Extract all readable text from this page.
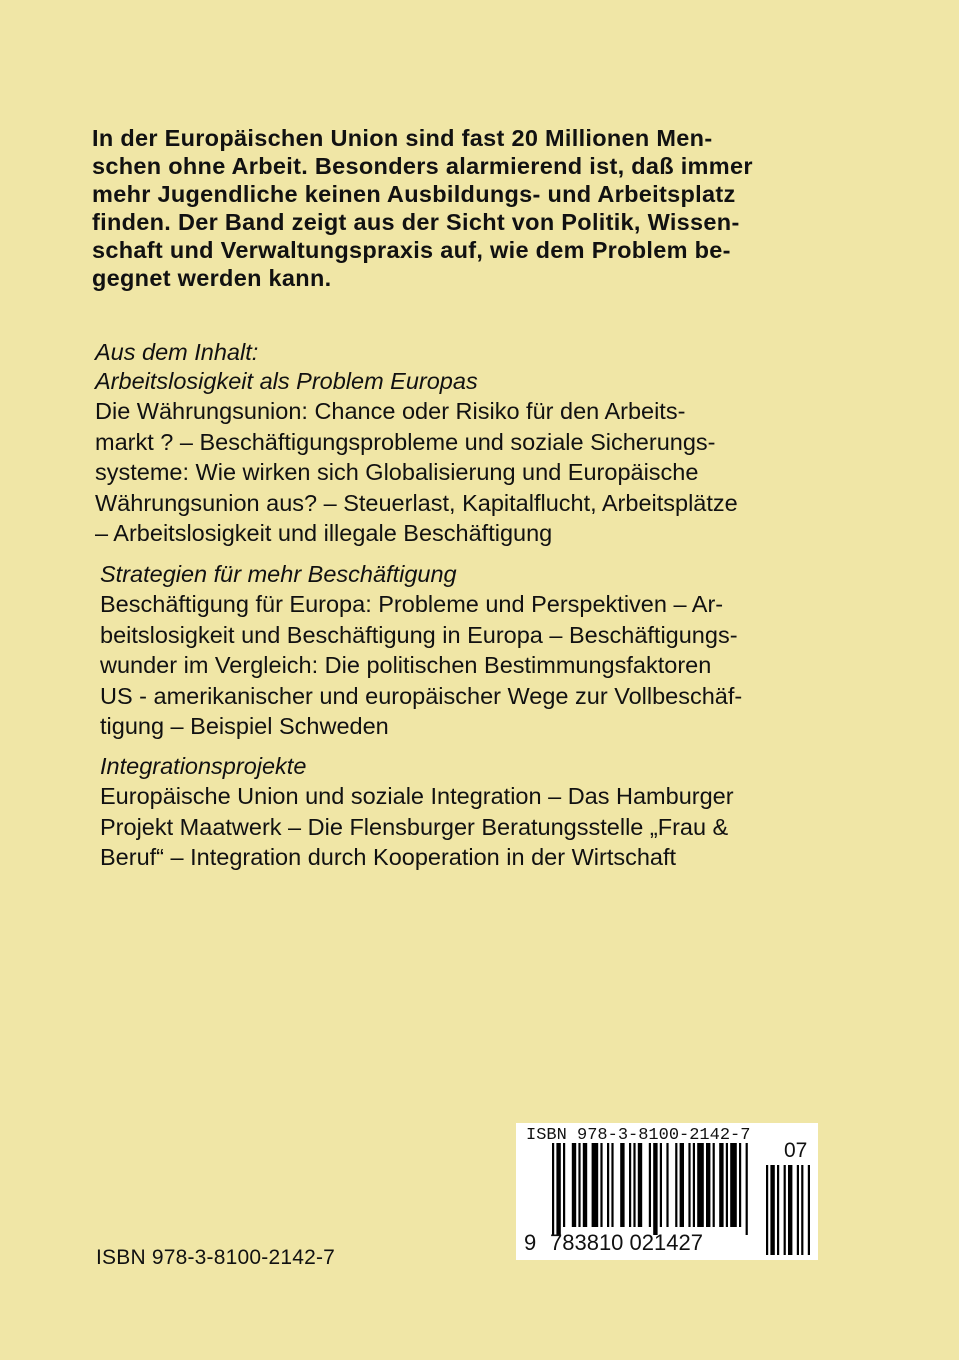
In der Europäischen Union sind fast 20 Millionen Men-
schen ohne Arbeit. Besonders alarmierend ist, daß immer
mehr Jugendliche keinen Ausbildungs- und Arbeitsplatz
finden. Der Band zeigt aus der Sicht von Politik, Wissen-
schaft und Verwaltungspraxis auf, wie dem Problem be-
gegnet werden kann.
Aus dem Inhalt:
Arbeitslosigkeit als Problem Europas
Die Währungsunion: Chance oder Risiko für den Arbeits-
markt ? – Beschäftigungsprobleme und soziale Sicherungs-
systeme: Wie wirken sich Globalisierung und Europäische
Währungsunion aus? – Steuerlast, Kapitalflucht, Arbeitsplätze
– Arbeitslosigkeit und illegale Beschäftigung
Strategien für mehr Beschäftigung
Beschäftigung für Europa: Probleme und Perspektiven – Ar-
beitslosigkeit und Beschäftigung in Europa – Beschäftigungs-
wunder im Vergleich: Die politischen Bestimmungsfaktoren
US - amerikanischer und europäischer Wege zur Vollbeschäf-
tigung – Beispiel Schweden
Integrationsprojekte
Europäische Union und soziale Integration – Das Hamburger
Projekt Maatwerk – Die Flensburger Beratungsstelle „Frau &
Beruf“ – Integration durch Kooperation in der Wirtschaft
ISBN 978-3-8100-2142-7
07
9 783810 021427
ISBN 978-3-8100-2142-7
